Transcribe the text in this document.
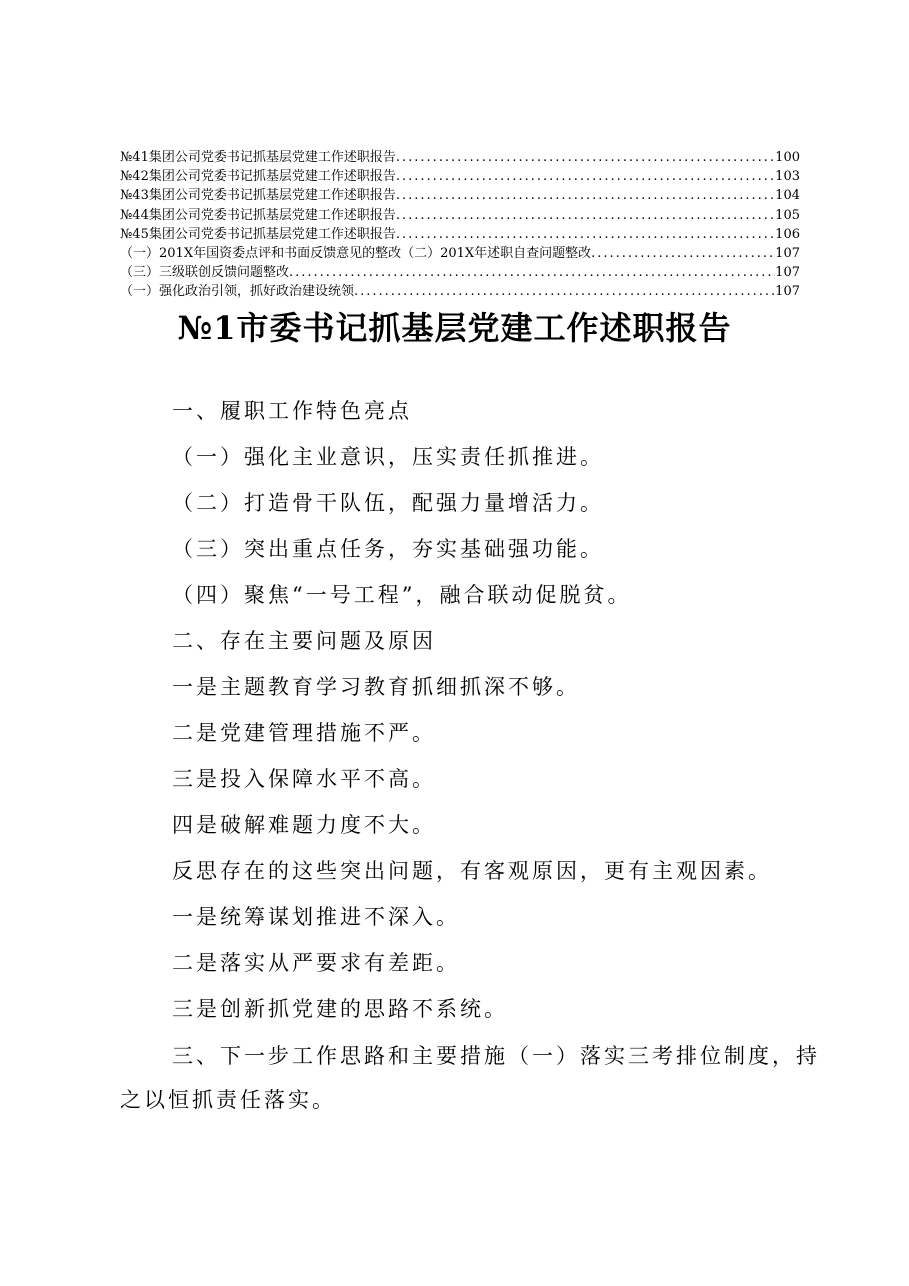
№41集团公司党委书记抓基层党建工作述职报告 .....	100
№42集团公司党委书记抓基层党建工作述职报告 .....	103
№43集团公司党委书记抓基层党建工作述职报告 .....	104
№44集团公司党委书记抓基层党建工作述职报告 .....	105
№45集团公司党委书记抓基层党建工作述职报告 .....	106
（一）201X年国资委点评和书面反馈意见的整改（二）201X年述职自查问题整改 .....	107
（三）三级联创反馈问题整改 .....	107
（一）强化政治引领，抓好政治建设统领 .....	107
№1市委书记抓基层党建工作述职报告

一、履职工作特色亮点

（一）强化主业意识，压实责任抓推进。

（二）打造骨干队伍，配强力量增活力。

（三）突出重点任务，夯实基础强功能。

（四）聚焦“一号工程”，融合联动促脱贫。

二、存在主要问题及原因

一是主题教育学习教育抓细抓深不够。

二是党建管理措施不严。

三是投入保障水平不高。

四是破解难题力度不大。

反思存在的这些突出问题，有客观原因，更有主观因素。

一是统筹谋划推进不深入。

二是落实从严要求有差距。

三是创新抓党建的思路不系统。

三、下一步工作思路和主要措施（一）落实三考排位制度，持之以恒抓责任落实。
